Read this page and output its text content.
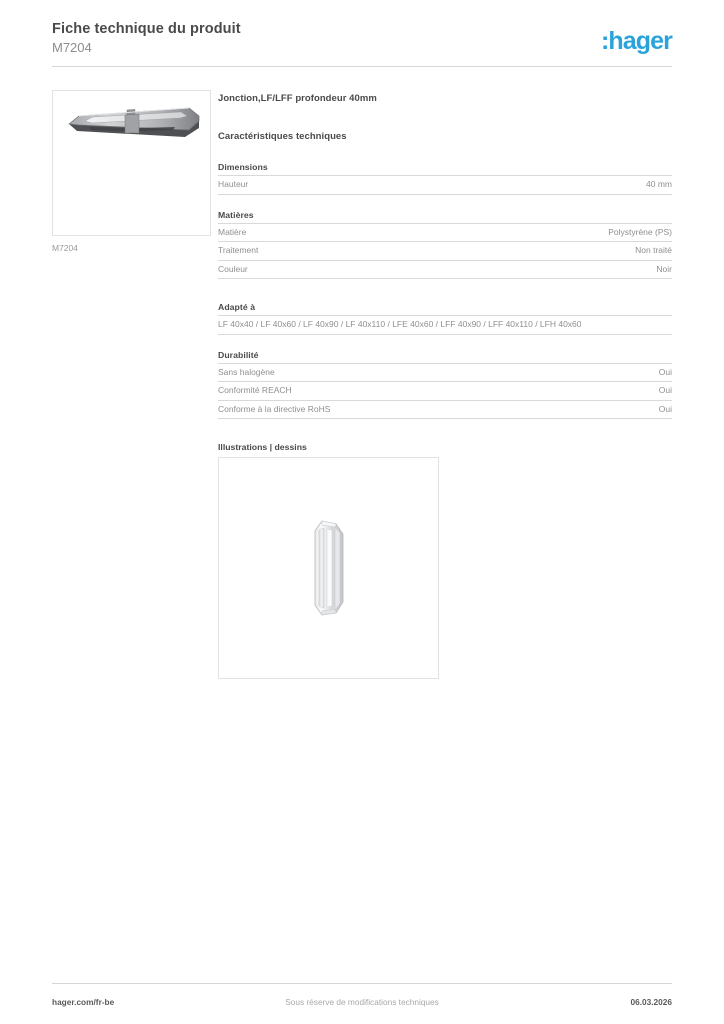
Fiche technique du produit
M7204	:hager
M7204
Jonction,LF/LFF profondeur 40mm
Caractéristiques techniques
Dimensions
Hauteur	40 mm
Matières
Matière	Polystyrène (PS)
Traitement	Non traité
Couleur	Noir
Adapté à
LF 40x40 / LF 40x60 / LF 40x90 / LF 40x110 / LFE 40x60 / LFF 40x90 / LFF 40x110 / LFH 40x60
Durabilité
Sans halogène	Oui
Conformité REACH	Oui
Conforme à la directive RoHS	Oui
Illustrations | dessins
Sous réserve de modifications techniques
hager.com/fr-be	06.03.2026
